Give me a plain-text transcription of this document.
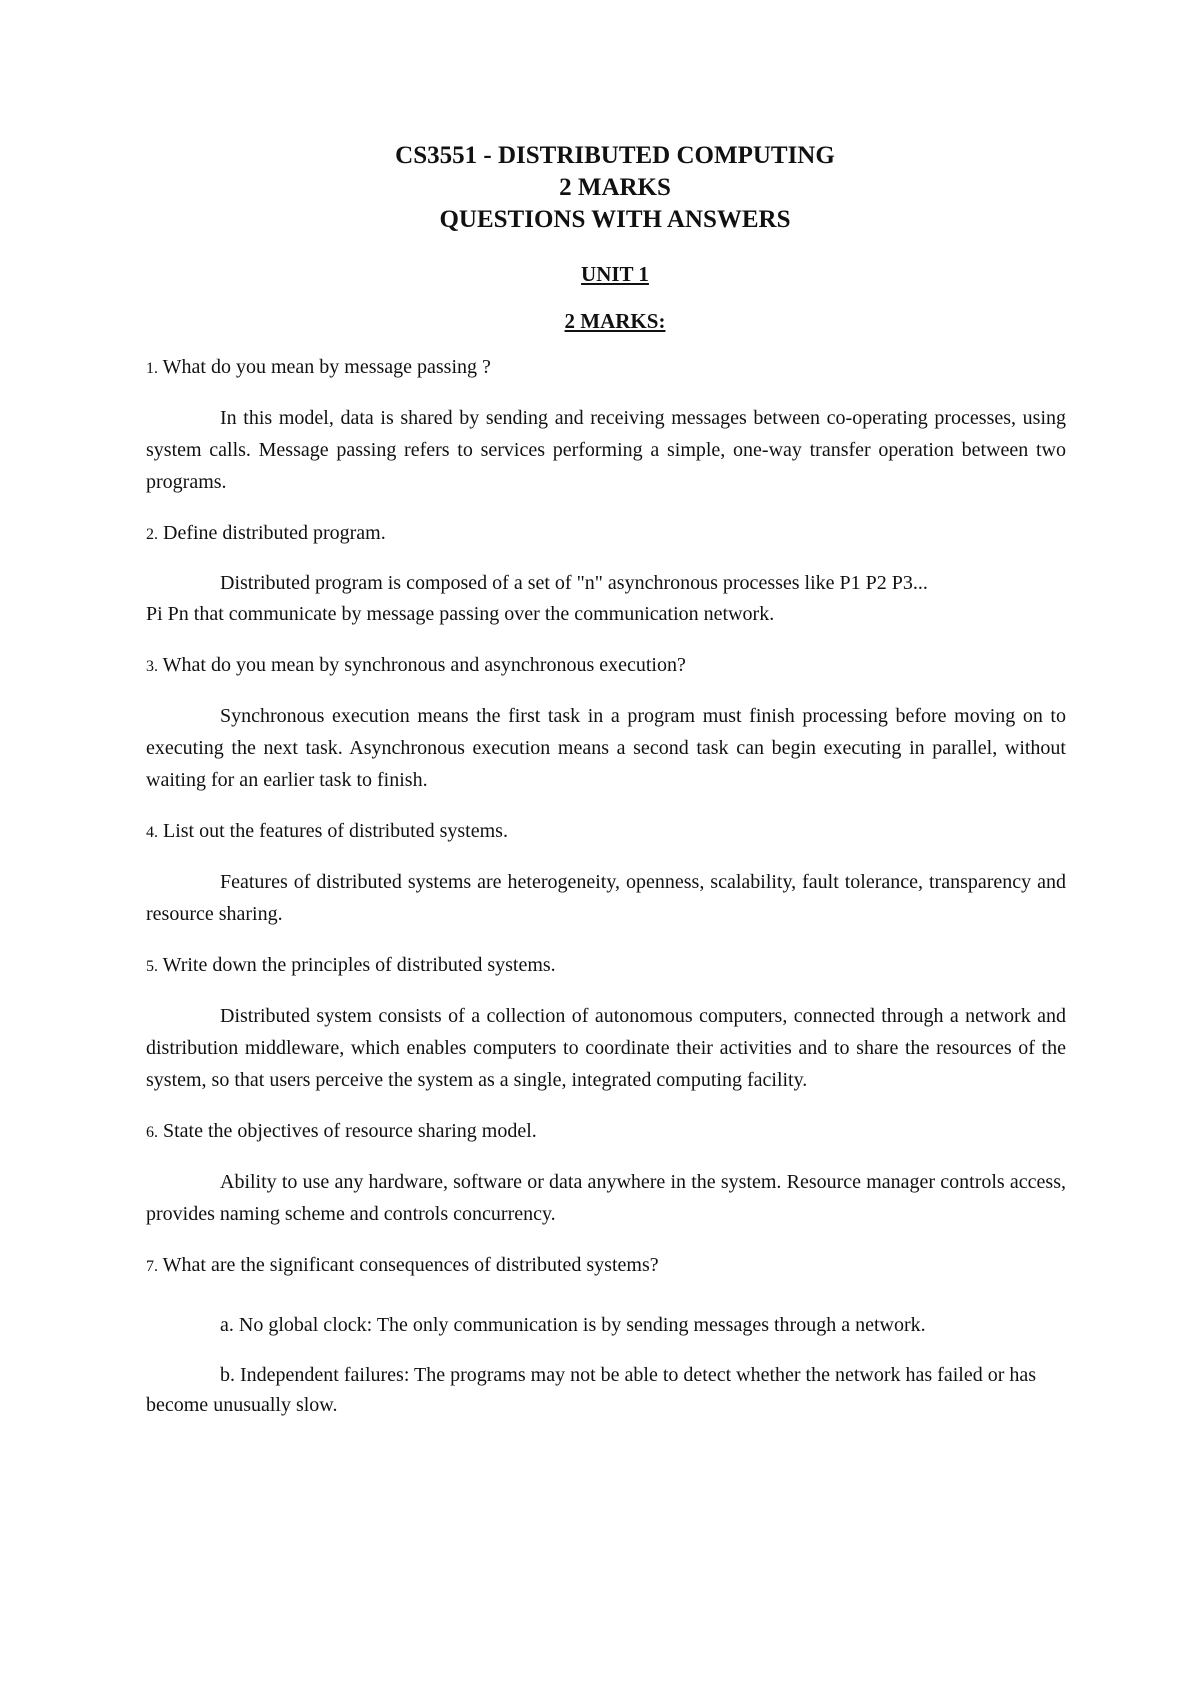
CS3551 - DISTRIBUTED COMPUTING
2 MARKS
QUESTIONS WITH ANSWERS
UNIT 1
2 MARKS:

1. What do you mean by message passing ?

In this model, data is shared by sending and receiving messages between co-operating processes, using system calls. Message passing refers to services performing a simple, one-way transfer operation between two programs.

2. Define distributed program.

Distributed program is composed of a set of "n" asynchronous processes like P1 P2 P3...

Pi Pn that communicate by message passing over the communication network.

3. What do you mean by synchronous and asynchronous execution?

Synchronous execution means the first task in a program must finish processing before moving on to executing the next task. Asynchronous execution means a second task can begin executing in parallel, without waiting for an earlier task to finish.

4. List out the features of distributed systems.

Features of distributed systems are heterogeneity, openness, scalability, fault tolerance, transparency and resource sharing.

5. Write down the principles of distributed systems.

Distributed system consists of a collection of autonomous computers, connected through a network and distribution middleware, which enables computers to coordinate their activities and to share the resources of the system, so that users perceive the system as a single, integrated computing facility.

6. State the objectives of resource sharing model.

Ability to use any hardware, software or data anywhere in the system. Resource manager controls access, provides naming scheme and controls concurrency.

7. What are the significant consequences of distributed systems?

a. No global clock: The only communication is by sending messages through a network.

b. Independent failures: The programs may not be able to detect whether the network has failed or has become unusually slow.
